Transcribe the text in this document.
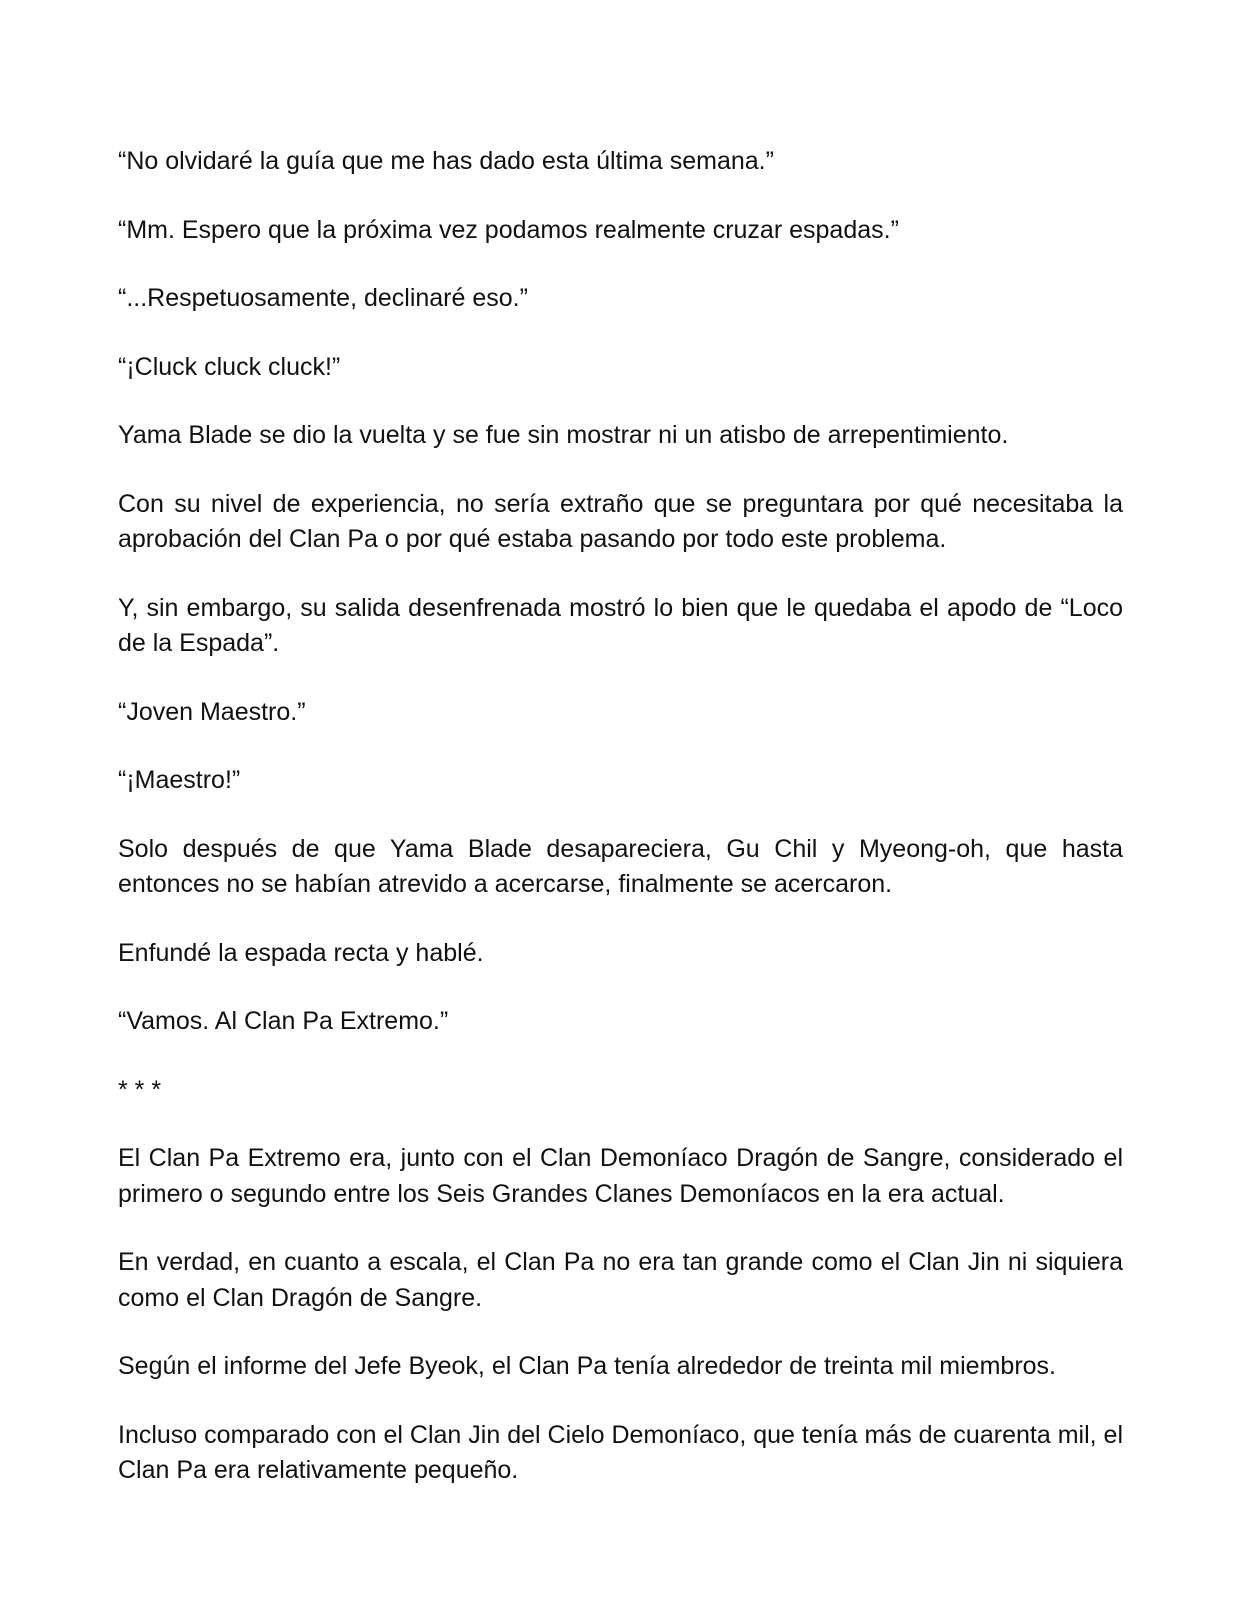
“No olvidaré la guía que me has dado esta última semana.”

“Mm. Espero que la próxima vez podamos realmente cruzar espadas.”

“...Respetuosamente, declinaré eso.”

“¡Cluck cluck cluck!”

Yama Blade se dio la vuelta y se fue sin mostrar ni un atisbo de arrepentimiento.

Con su nivel de experiencia, no sería extraño que se preguntara por qué necesitaba la aprobación del Clan Pa o por qué estaba pasando por todo este problema.

Y, sin embargo, su salida desenfrenada mostró lo bien que le quedaba el apodo de “Loco de la Espada”.

“Joven Maestro.”

“¡Maestro!”

Solo después de que Yama Blade desapareciera, Gu Chil y Myeong-oh, que hasta entonces no se habían atrevido a acercarse, finalmente se acercaron.

Enfundé la espada recta y hablé.

“Vamos. Al Clan Pa Extremo.”

* * *

El Clan Pa Extremo era, junto con el Clan Demoníaco Dragón de Sangre, considerado el primero o segundo entre los Seis Grandes Clanes Demoníacos en la era actual.

En verdad, en cuanto a escala, el Clan Pa no era tan grande como el Clan Jin ni siquiera como el Clan Dragón de Sangre.

Según el informe del Jefe Byeok, el Clan Pa tenía alrededor de treinta mil miembros.

Incluso comparado con el Clan Jin del Cielo Demoníaco, que tenía más de cuarenta mil, el Clan Pa era relativamente pequeño.
